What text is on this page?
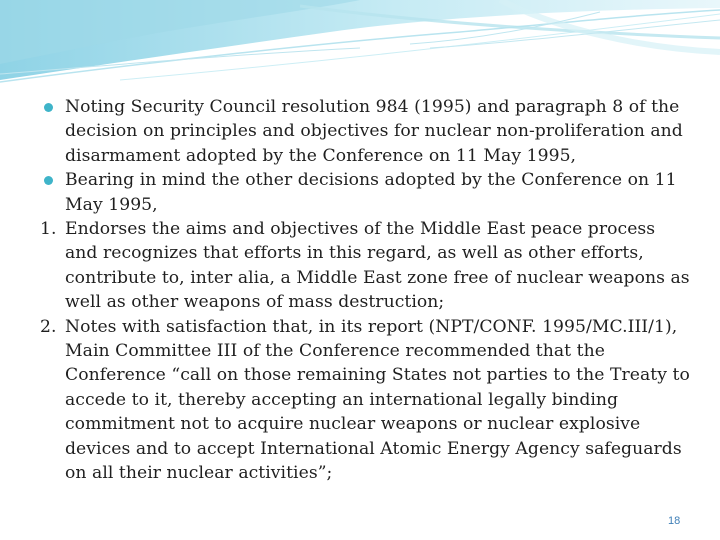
Noting Security Council resolution 984 (1995) and paragraph 8 of the decision on principles and objectives for nuclear non-proliferation and disarmament adopted by the Conference on 11 May 1995,

Bearing in mind the other decisions adopted by the Conference on 11 May 1995,

1. Endorses the aims and objectives of the Middle East peace process and recognizes that efforts in this regard, as well as other efforts, contribute to, inter alia, a Middle East zone free of nuclear weapons as well as other weapons of mass destruction;

2. Notes with satisfaction that, in its report (NPT/CONF. 1995/MC.III/1), Main Committee III of the Conference recommended that the Conference “call on those remaining States not parties to the Treaty to accede to it, thereby accepting an international legally binding commitment not to acquire nuclear weapons or nuclear explosive devices and to accept International Atomic Energy Agency safeguards on all their nuclear activities”;

18
